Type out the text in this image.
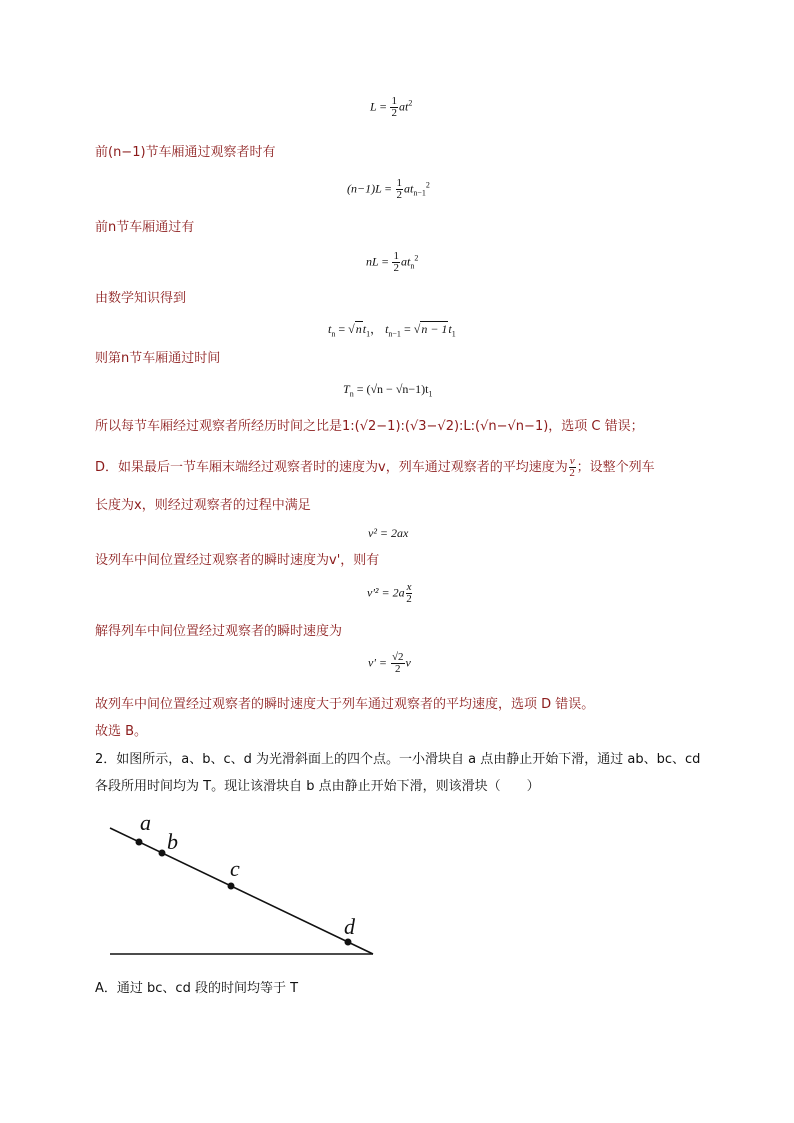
$L = \frac{1}{2} at^2$
前(n−1)节车厢通过观察者时有
$(n-1)L = \frac{1}{2} at_{n-1}^2$
前n节车厢通过有
nL = $\frac{1}{2} at_n^2$
由数学知识得到
$t_n = √nt_1$， $t_{n-1} = √n - 1t_1$
则第n节车厢通过时间
$T_n = (√n - √n-1)t_1$
所以每节车厢经过观察者所经历时间之比是1:(√2−1):(√3−√2):L:(√n−√n−1)，选项 C 错误；
D．如果最后一节车厢末端经过观察者时的速度为v，列车通过观察者的平均速度为 $\frac{v}{2}$ ；设整个列车
长度为x，则经过观察者的过程中满足
v² = 2ax
设列车中间位置经过观察者的瞬时速度为v'，则有
$v'^2 = 2a \frac{x}{2}$
解得列车中间位置经过观察者的瞬时速度为
$v' = \frac{√2}{2}$ v
故列车中间位置经过观察者的瞬时速度大于列车通过观察者的平均速度，选项 D 错误。
故选 B。
2．如图所示，a、b、c、d 为光滑斜面上的四个点。一小滑块自 a 点由静止开始下滑，通过 ab、bc、cd
各段所用时间均为 T。现让该滑块自 b 点由静止开始下滑，则该滑块（　　）
a
b
c
d
A．通过 bc、cd 段的时间均等于 T
